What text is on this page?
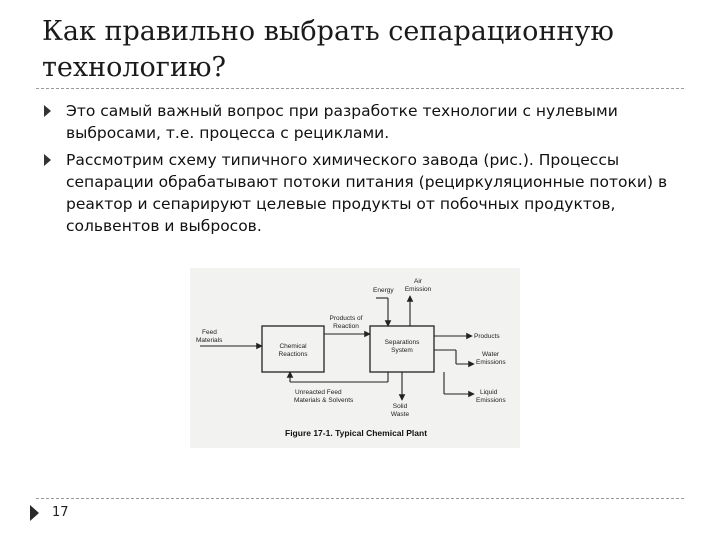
Как правильно выбрать сепарационную технологию?
Это самый важный вопрос при разработке технологии с нулевыми выбросами, т.е. процесса с рециклами.
Рассмотрим схему типичного химического завода (рис.). Процессы сепарации обрабатывают потоки питания (рециркуляционные потоки) в реактор и сепарируют целевые продукты от побочных продуктов, сольвентов и выбросов.
Feed
Materials
Chemical
Reactions
Separations
System
Products of
Reaction
Energy
Air
Emission
Products
Water
Emissions
Liquid
Emissions
Unreacted Feed
Materials & Solvents
Solid
Waste
Figure 17-1. Typical Chemical Plant
17
